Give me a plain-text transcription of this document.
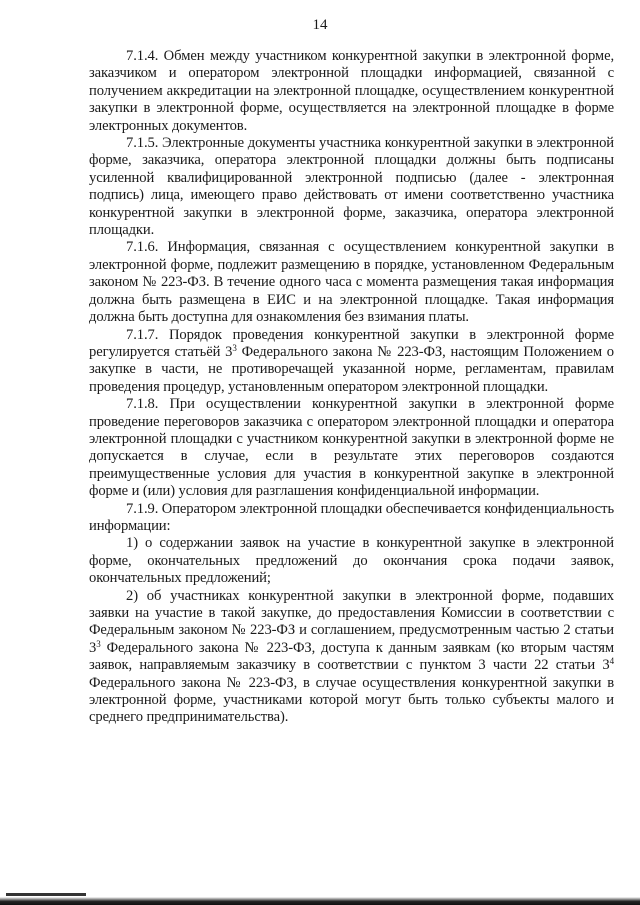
14

7.1.4. Обмен между участником конкурентной закупки в электронной форме, заказчиком и оператором электронной площадки информацией, связанной с получением аккредитации на электронной площадке, осуществлением конкурентной закупки в электронной форме, осуществляется на электронной площадке в форме электронных документов.

7.1.5. Электронные документы участника конкурентной закупки в электронной форме, заказчика, оператора электронной площадки должны быть подписаны усиленной квалифицированной электронной подписью (далее - электронная подпись) лица, имеющего право действовать от имени соответственно участника конкурентной закупки в электронной форме, заказчика, оператора электронной площадки.

7.1.6. Информация, связанная с осуществлением конкурентной закупки в электронной форме, подлежит размещению в порядке, установленном Федеральным законом № 223-ФЗ. В течение одного часа с момента размещения такая информация должна быть размещена в ЕИС и на электронной площадке. Такая информация должна быть доступна для ознакомления без взимания платы.

7.1.7. Порядок проведения конкурентной закупки в электронной форме регулируется статьёй $3^3$ Федерального закона № 223-ФЗ, настоящим Положением о закупке в части, не противоречащей указанной норме, регламентам, правилам проведения процедур, установленным оператором электронной площадки.

7.1.8. При осуществлении конкурентной закупки в электронной форме проведение переговоров заказчика с оператором электронной площадки и оператора электронной площадки с участником конкурентной закупки в электронной форме не допускается в случае, если в результате этих переговоров создаются преимущественные условия для участия в конкурентной закупке в электронной форме и (или) условия для разглашения конфиденциальной информации.

7.1.9. Оператором электронной площадки обеспечивается конфиденциальность информации:

1) о содержании заявок на участие в конкурентной закупке в электронной форме, окончательных предложений до окончания срока подачи заявок, окончательных предложений;

2) об участниках конкурентной закупки в электронной форме, подавших заявки на участие в такой закупке, до предоставления Комиссии в соответствии с Федеральным законом № 223-ФЗ и соглашением, предусмотренным частью 2 статьи $3^3$ Федерального закона № 223-ФЗ, доступа к данным заявкам (ко вторым частям заявок, направляемым заказчику в соответствии с пунктом 3 части 22 статьи $3^4$ Федерального закона № 223-ФЗ, в случае осуществления конкурентной закупки в электронной форме, участниками которой могут быть только субъекты малого и среднего предпринимательства).
